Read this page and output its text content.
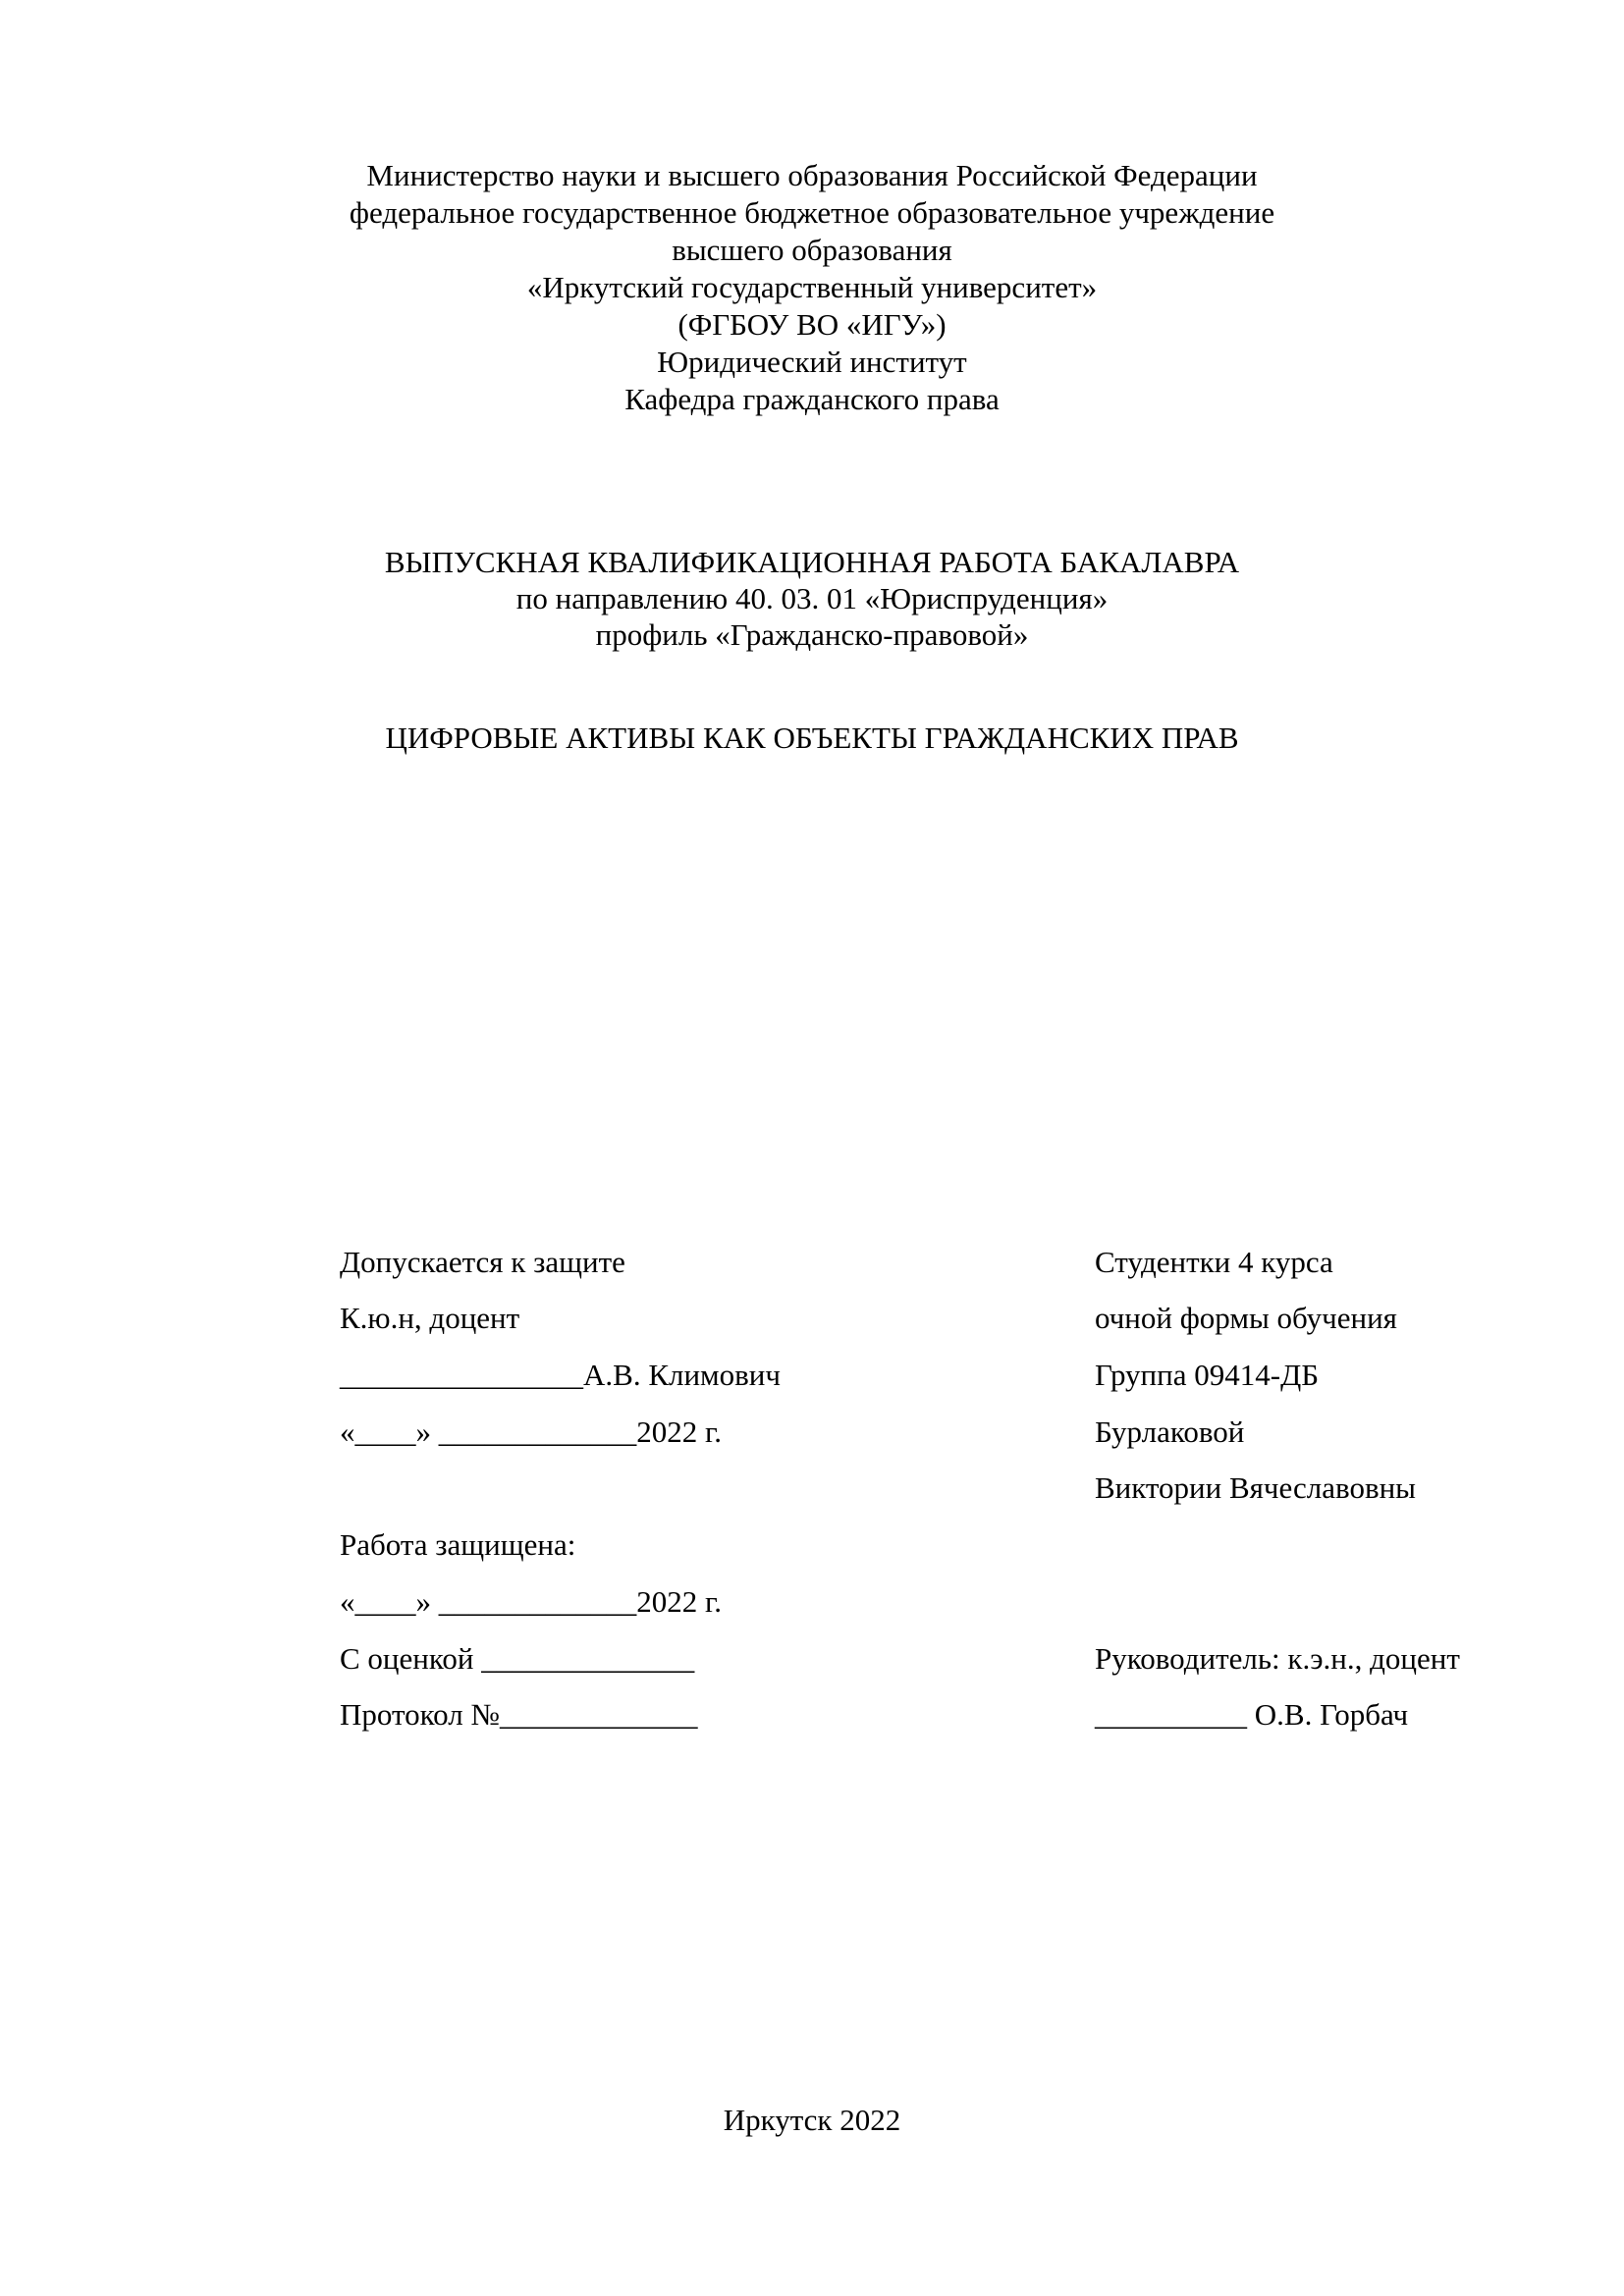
Министерство науки и высшего образования Российской Федерации
федеральное государственное бюджетное образовательное учреждение
высшего образования
«Иркутский государственный университет»
(ФГБОУ ВО «ИГУ»)
Юридический институт
Кафедра гражданского права
ВЫПУСКНАЯ КВАЛИФИКАЦИОННАЯ РАБОТА БАКАЛАВРА
по направлению 40. 03. 01 «Юриспруденция»
профиль «Гражданско-правовой»
ЦИФРОВЫЕ АКТИВЫ КАК ОБЪЕКТЫ ГРАЖДАНСКИХ ПРАВ
Допускается к защите
К.ю.н, доцент
________________А.В. Климович
«____» _____________2022 г.
Работа защищена:
«____» _____________2022 г.
С оценкой ______________
Протокол №_____________
Студентки 4 курса
очной формы обучения
Группа 09414-ДБ
Бурлаковой
Виктории Вячеславовны
Руководитель: к.э.н., доцент
__________ О.В. Горбач
Иркутск 2022
